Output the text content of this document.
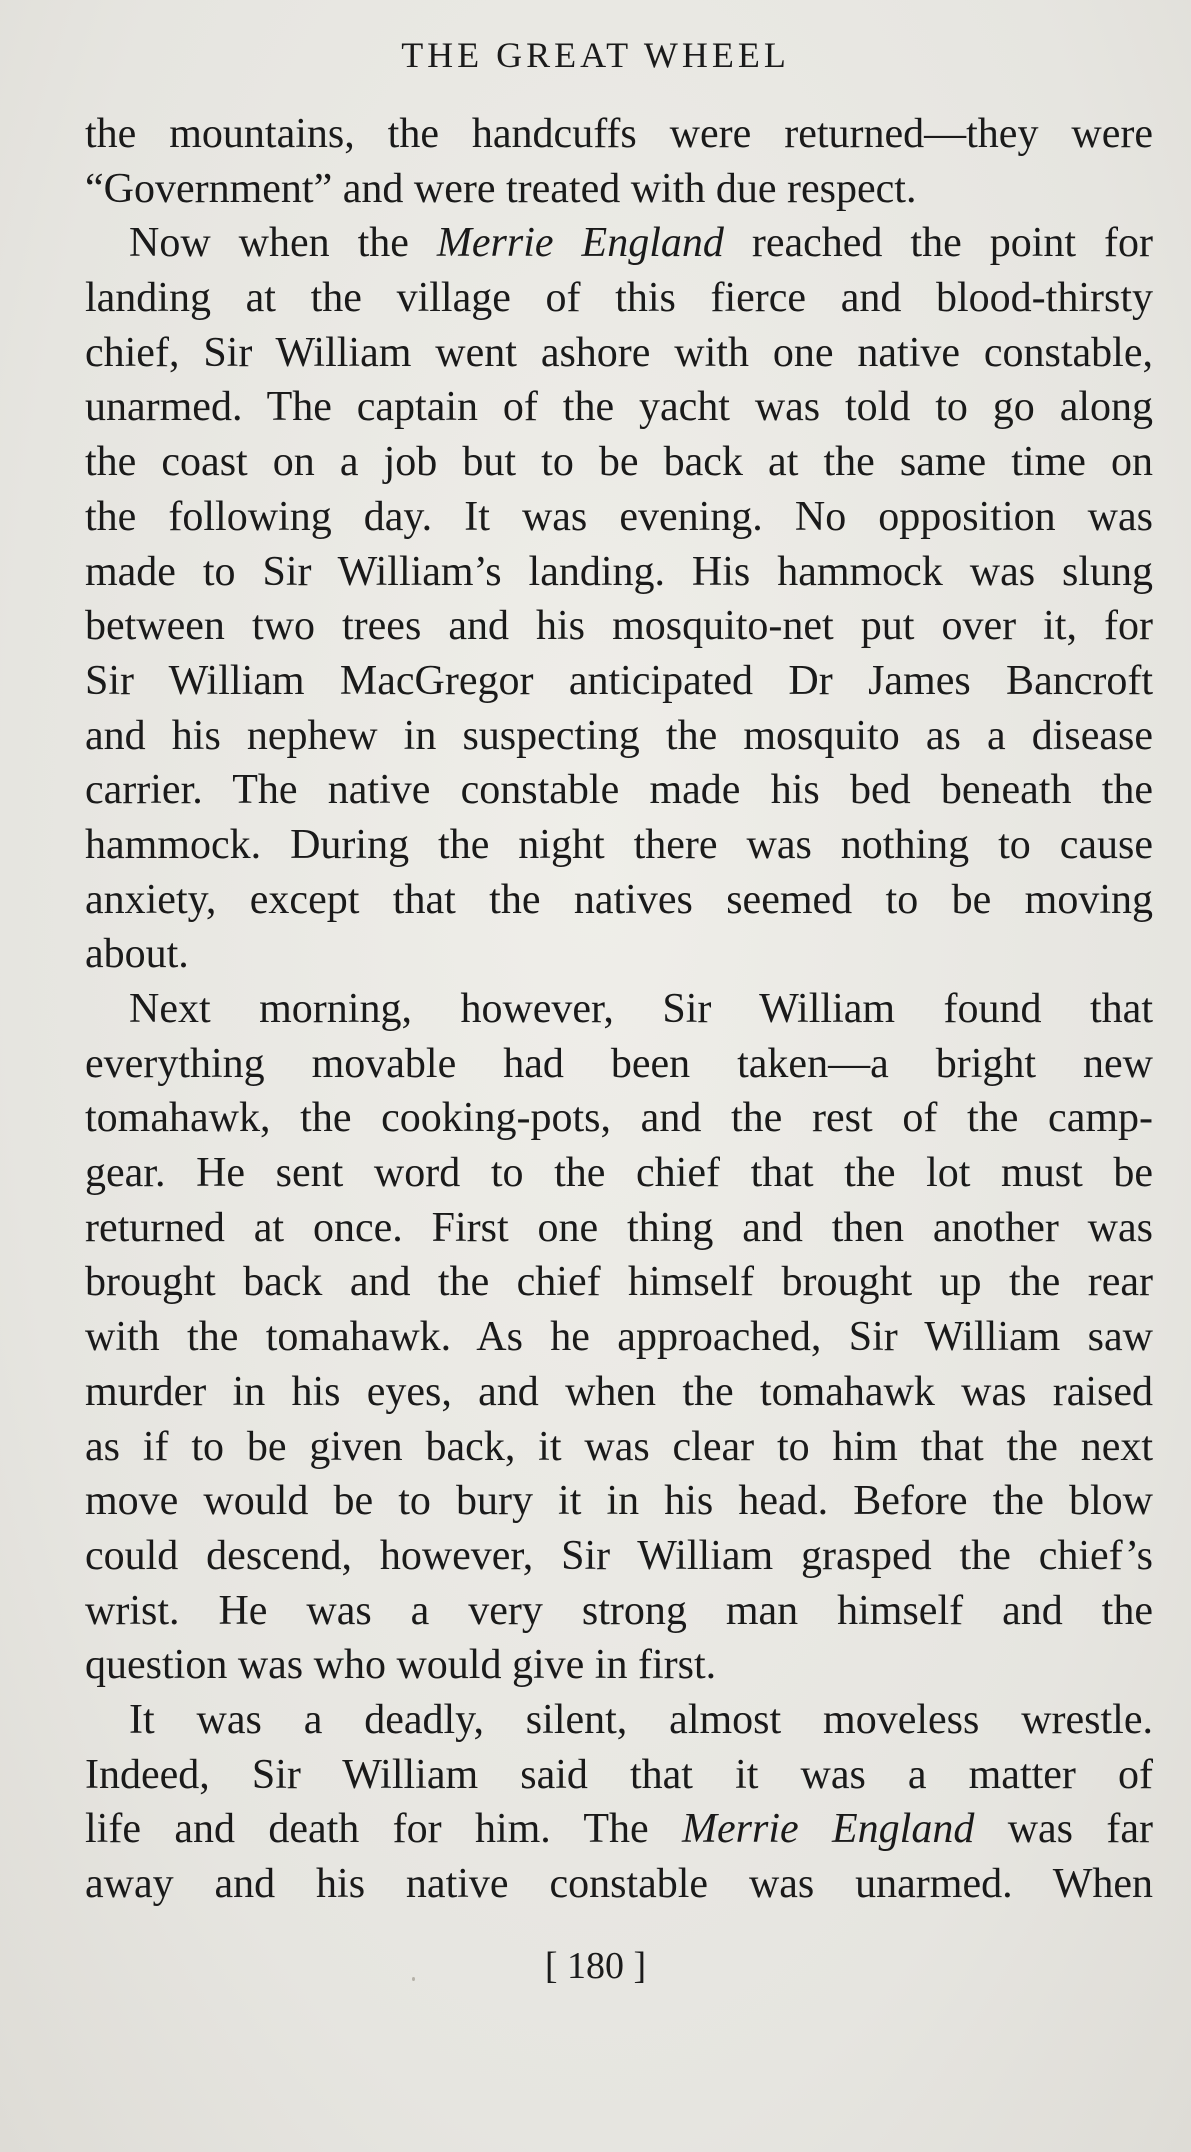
THE GREAT WHEEL
the mountains, the handcuffs were returned—they were
“Government” and were treated with due respect.
Now when the Merrie England reached the point for
landing at the village of this fierce and blood-thirsty
chief, Sir William went ashore with one native constable,
unarmed. The captain of the yacht was told to go along
the coast on a job but to be back at the same time on
the following day. It was evening. No opposition was
made to Sir William’s landing. His hammock was slung
between two trees and his mosquito-net put over it, for
Sir William MacGregor anticipated Dr James Bancroft
and his nephew in suspecting the mosquito as a disease
carrier. The native constable made his bed beneath the
hammock. During the night there was nothing to cause
anxiety, except that the natives seemed to be moving
about.
Next morning, however, Sir William found that
everything movable had been taken—a bright new
tomahawk, the cooking-pots, and the rest of the camp-
gear. He sent word to the chief that the lot must be
returned at once. First one thing and then another was
brought back and the chief himself brought up the rear
with the tomahawk. As he approached, Sir William saw
murder in his eyes, and when the tomahawk was raised
as if to be given back, it was clear to him that the next
move would be to bury it in his head. Before the blow
could descend, however, Sir William grasped the chief’s
wrist. He was a very strong man himself and the
question was who would give in first.
It was a deadly, silent, almost moveless wrestle.
Indeed, Sir William said that it was a matter of
life and death for him. The Merrie England was far
away and his native constable was unarmed. When
[ 180 ]
